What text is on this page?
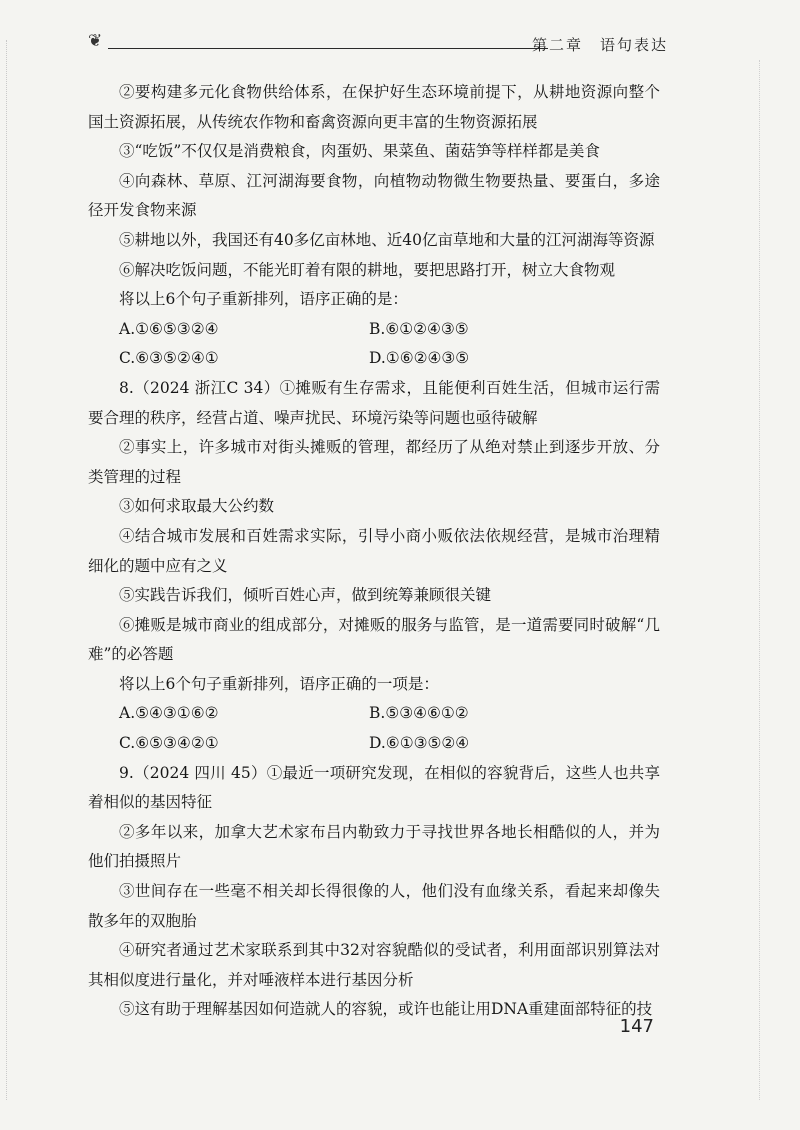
❦	第二章　语句表达

②要构建多元化食物供给体系，在保护好生态环境前提下，从耕地资源向整个国土资源拓展，从传统农作物和畜禽资源向更丰富的生物资源拓展

③“吃饭”不仅仅是消费粮食，肉蛋奶、果菜鱼、菌菇笋等样样都是美食

④向森林、草原、江河湖海要食物，向植物动物微生物要热量、要蛋白，多途径开发食物来源

⑤耕地以外，我国还有40多亿亩林地、近40亿亩草地和大量的江河湖海等资源

⑥解决吃饭问题，不能光盯着有限的耕地，要把思路打开，树立大食物观

将以上6个句子重新排列，语序正确的是：

A.①⑥⑤③②④	B.⑥①②④③⑤
C.⑥③⑤②④①	D.①⑥②④③⑤

8.（2024 浙江C 34）①摊贩有生存需求，且能便利百姓生活，但城市运行需要合理的秩序，经营占道、噪声扰民、环境污染等问题也亟待破解

②事实上，许多城市对街头摊贩的管理，都经历了从绝对禁止到逐步开放、分类管理的过程

③如何求取最大公约数

④结合城市发展和百姓需求实际，引导小商小贩依法依规经营，是城市治理精细化的题中应有之义

⑤实践告诉我们，倾听百姓心声，做到统筹兼顾很关键

⑥摊贩是城市商业的组成部分，对摊贩的服务与监管，是一道需要同时破解“几难”的必答题

将以上6个句子重新排列，语序正确的一项是：

A.⑤④③①⑥②	B.⑤③④⑥①②
C.⑥⑤③④②①	D.⑥①③⑤②④

9.（2024 四川 45）①最近一项研究发现，在相似的容貌背后，这些人也共享着相似的基因特征

②多年以来，加拿大艺术家布吕内勒致力于寻找世界各地长相酷似的人，并为他们拍摄照片

③世间存在一些毫不相关却长得很像的人，他们没有血缘关系，看起来却像失散多年的双胞胎

④研究者通过艺术家联系到其中32对容貌酷似的受试者，利用面部识别算法对其相似度进行量化，并对唾液样本进行基因分析

⑤这有助于理解基因如何造就人的容貌，或许也能让用DNA重建面部特征的技

147
